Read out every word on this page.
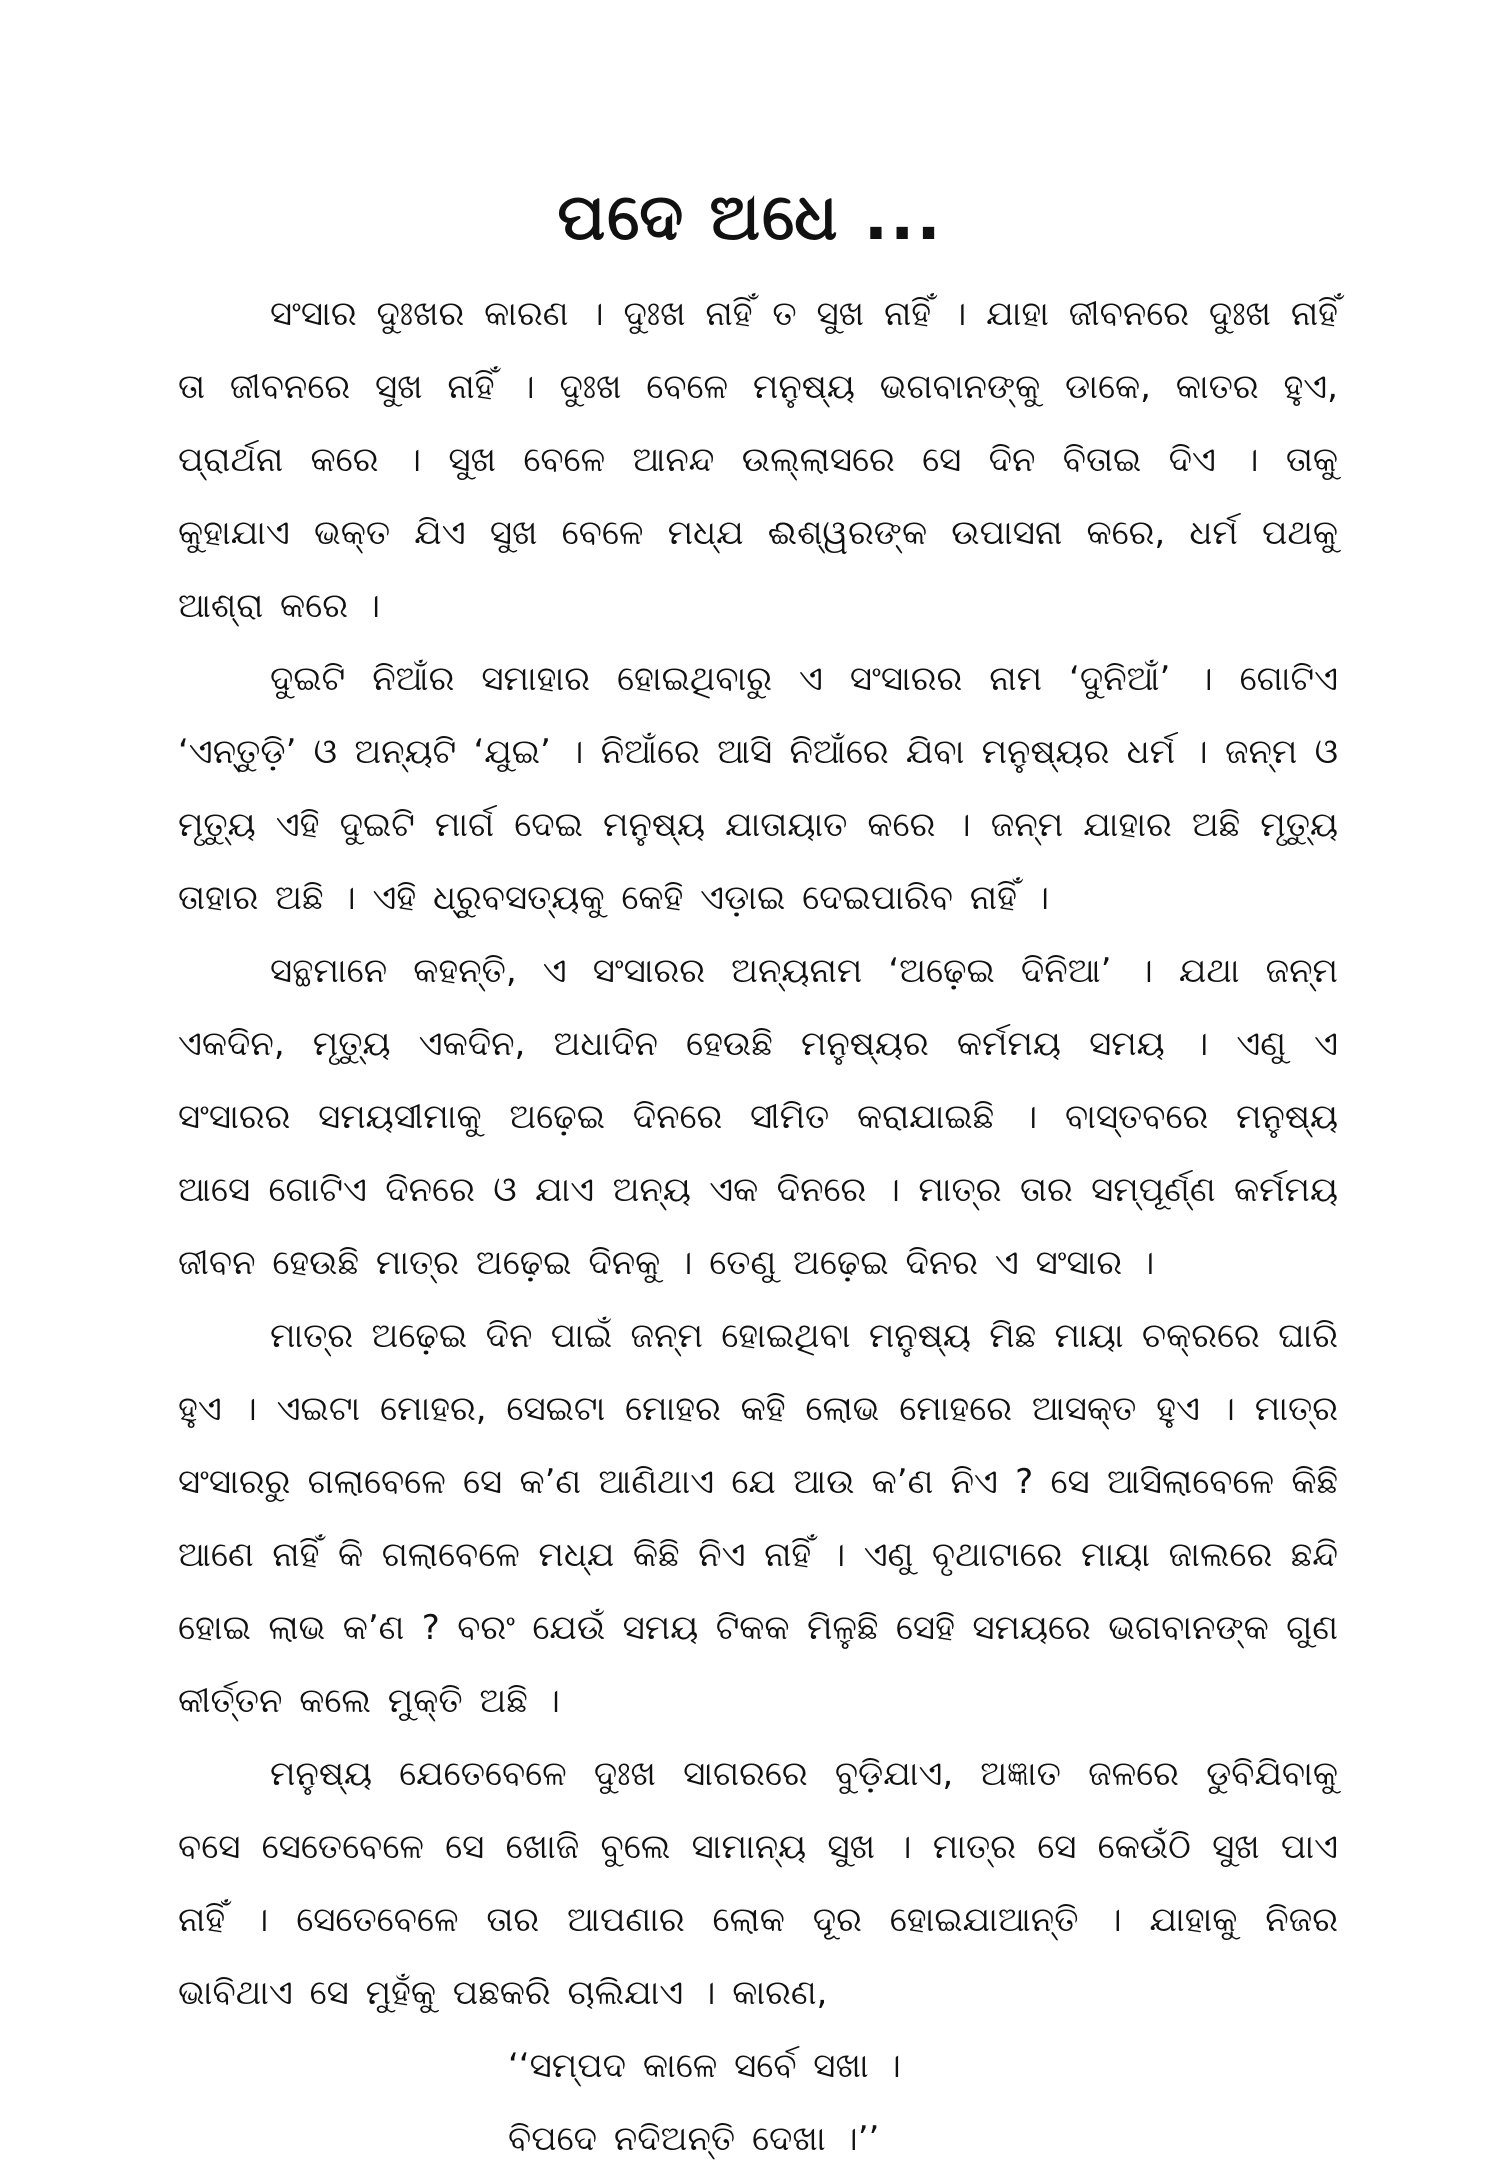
ପଦେ ଅଧେ ...

ସଂସାର ଦୁଃଖର କାରଣ । ଦୁଃଖ ନାହିଁ ତ ସୁଖ ନାହିଁ । ଯାହା ଜୀବନରେ ଦୁଃଖ ନାହିଁ ତା ଜୀବନରେ ସୁଖ ନାହିଁ । ଦୁଃଖ ବେଳେ ମନୁଷ୍ୟ ଭଗବାନଙ୍କୁ ଡାକେ, କାତର ହୁଏ, ପ୍ରାର୍ଥନା କରେ । ସୁଖ ବେଳେ ଆନନ୍ଦ ଉଲ୍ଲାସରେ ସେ ଦିନ ବିତାଇ ଦିଏ । ତାକୁ କୁହାଯାଏ ଭକ୍ତ ଯିଏ ସୁଖ ବେଳେ ମଧ୍ଯ ଈଶ୍ୱରଙ୍କ ଉପାସନା କରେ, ଧର୍ମ ପଥକୁ ଆଶ୍ରା କରେ ।

ଦୁଇଟି ନିଆଁର ସମାହାର ହୋଇଥିବାରୁ ଏ ସଂସାରର ନାମ ‘ଦୁନିଆଁ’ । ଗୋଟିଏ ‘ଏନ୍ତୁଡ଼ି’ ଓ ଅନ୍ୟଟି ‘ଯୁଇ’ । ନିଆଁରେ ଆସି ନିଆଁରେ ଯିବା ମନୁଷ୍ୟର ଧର୍ମ । ଜନ୍ମ ଓ ମୃତ୍ୟୁ ଏହି ଦୁଇଟି ମାର୍ଗ ଦେଇ ମନୁଷ୍ୟ ଯାତାୟାତ କରେ । ଜନ୍ମ ଯାହାର ଅଛି ମୃତ୍ୟୁ ତାହାର ଅଛି । ଏହି ଧ୍ରୁବସତ୍ୟକୁ କେହି ଏଡ଼ାଇ ଦେଇପାରିବ ନାହିଁ ।

ସନ୍ଥମାନେ କହନ୍ତି, ଏ ସଂସାରର ଅନ୍ୟନାମ ‘ଅଢ଼େଇ ଦିନିଆ’ । ଯଥା ଜନ୍ମ ଏକଦିନ, ମୃତ୍ୟୁ ଏକଦିନ, ଅଧାଦିନ ହେଉଛି ମନୁଷ୍ୟର କର୍ମମୟ ସମୟ । ଏଣୁ ଏ ସଂସାରର ସମୟସୀମାକୁ ଅଢ଼େଇ ଦିନରେ ସୀମିତ କରାଯାଇଛି । ବାସ୍ତବରେ ମନୁଷ୍ୟ ଆସେ ଗୋଟିଏ ଦିନରେ ଓ ଯାଏ ଅନ୍ୟ ଏକ ଦିନରେ । ମାତ୍ର ତାର ସମ୍ପୂର୍ଣ୍ଣ କର୍ମମୟ ଜୀବନ ହେଉଛି ମାତ୍ର ଅଢ଼େଇ ଦିନକୁ । ତେଣୁ ଅଢ଼େଇ ଦିନର ଏ ସଂସାର ।

ମାତ୍ର ଅଢ଼େଇ ଦିନ ପାଇଁ ଜନ୍ମ ହୋଇଥିବା ମନୁଷ୍ୟ ମିଛ ମାୟା ଚକ୍ରରେ ଘାରି ହୁଏ । ଏଇଟା ମୋହର, ସେଇଟା ମୋହର କହି ଲୋଭ ମୋହରେ ଆସକ୍ତ ହୁଏ । ମାତ୍ର ସଂସାରରୁ ଗଲାବେଳେ ସେ କ’ଣ ଆଣିଥାଏ ଯେ ଆଉ କ’ଣ ନିଏ ? ସେ ଆସିଲାବେଳେ କିଛି ଆଣେ ନାହିଁ କି ଗଲାବେଳେ ମଧ୍ଯ କିଛି ନିଏ ନାହିଁ । ଏଣୁ ବୃଥାଟାରେ ମାୟା ଜାଲରେ ଛନ୍ଦି ହୋଇ ଲାଭ କ’ଣ ? ବରଂ ଯେଉଁ ସମୟ ଟିକକ ମିଳୁଛି ସେହି ସମୟରେ ଭଗବାନଙ୍କ ଗୁଣ କୀର୍ତ୍ତନ କଲେ ମୁକ୍ତି ଅଛି ।

ମନୁଷ୍ୟ ଯେତେବେଳେ ଦୁଃଖ ସାଗରରେ ବୁଡ଼ିଯାଏ, ଅଜ୍ଞାତ ଜଳରେ ଡୁବିଯିବାକୁ ବସେ ସେତେବେଳେ ସେ ଖୋଜି ବୁଲେ ସାମାନ୍ୟ ସୁଖ । ମାତ୍ର ସେ କେଉଁଠି ସୁଖ ପାଏ ନାହିଁ । ସେତେବେଳେ ତାର ଆପଣାର ଲୋକ ଦୂର ହୋଇଯାଆନ୍ତି । ଯାହାକୁ ନିଜର ଭାବିଥାଏ ସେ ମୁହଁକୁ ପଛକରି ଚାଲିଯାଏ । କାରଣ,

‘‘ସମ୍ପଦ କାଳେ ସର୍ବେ ସଖା ।
ବିପଦେ ନଦିଅନ୍ତି ଦେଖା ।’’
